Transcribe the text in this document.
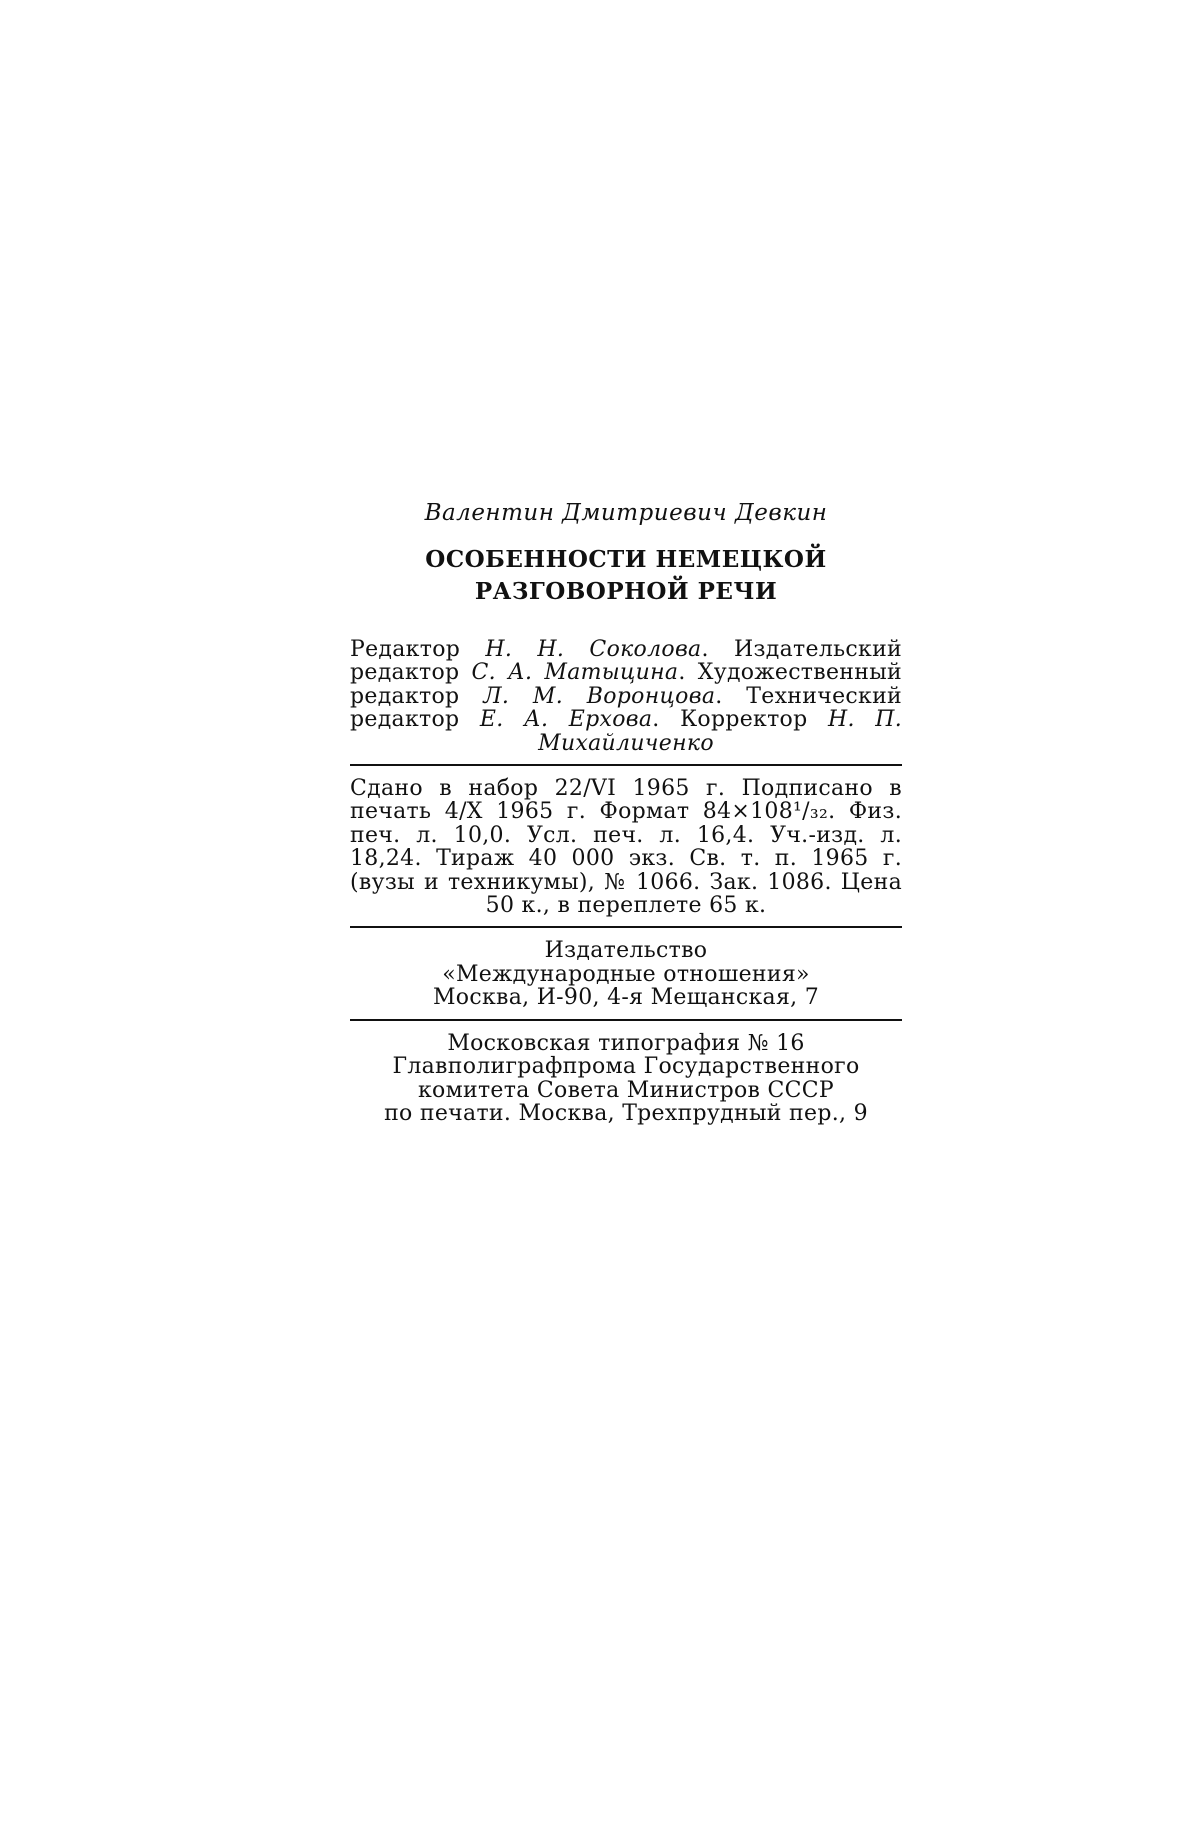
Валентин Дмитриевич Девкин
ОСОБЕННОСТИ НЕМЕЦКОЙ
РАЗГОВОРНОЙ РЕЧИ
Редактор Н. Н. Соколова. Издательский редактор С. А. Матыцина. Художественный редактор Л. М. Воронцова. Технический редактор Е. А. Ерхова. Корректор Н. П. Михайличенко
Сдано в набор 22/VI 1965 г. Подписано в печать 4/X 1965 г. Формат 84×108¹/₃₂. Физ. печ. л. 10,0. Усл. печ. л. 16,4. Уч.-изд. л. 18,24. Тираж 40 000 экз. Св. т. п. 1965 г. (вузы и техникумы), № 1066. Зак. 1086. Цена 50 к., в переплете 65 к.
Издательство
«Международные отношения»
Москва, И-90, 4-я Мещанская, 7
Московская типография № 16
Главполиграфпрома Государственного
комитета Совета Министров СССР
по печати. Москва, Трехпрудный пер., 9
